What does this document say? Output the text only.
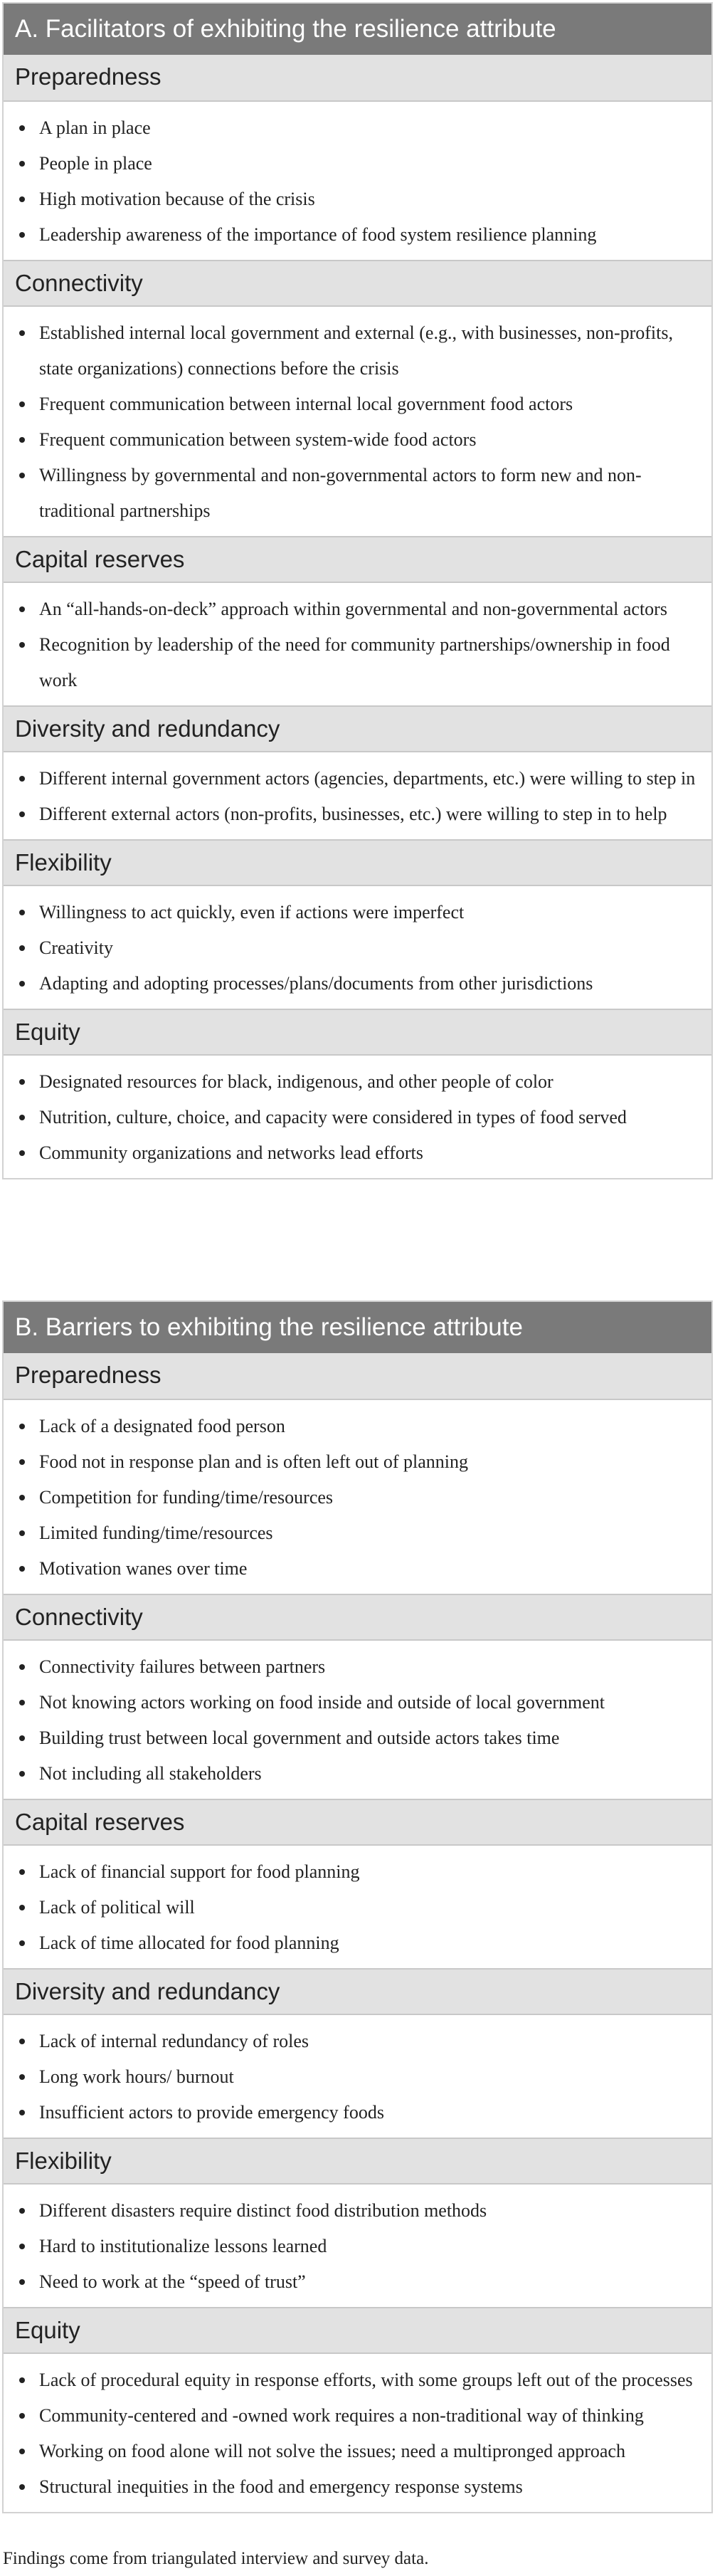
A. Facilitators of exhibiting the resilience attribute
Preparedness
A plan in place
People in place
High motivation because of the crisis
Leadership awareness of the importance of food system resilience planning
Connectivity
Established internal local government and external (e.g., with businesses, non-profits, state organizations) connections before the crisis
Frequent communication between internal local government food actors
Frequent communication between system-wide food actors
Willingness by governmental and non-governmental actors to form new and non-traditional partnerships
Capital reserves
An “all-hands-on-deck” approach within governmental and non-governmental actors
Recognition by leadership of the need for community partnerships/ownership in food work
Diversity and redundancy
Different internal government actors (agencies, departments, etc.) were willing to step in
Different external actors (non-profits, businesses, etc.) were willing to step in to help
Flexibility
Willingness to act quickly, even if actions were imperfect
Creativity
Adapting and adopting processes/plans/documents from other jurisdictions
Equity
Designated resources for black, indigenous, and other people of color
Nutrition, culture, choice, and capacity were considered in types of food served
Community organizations and networks lead efforts
B. Barriers to exhibiting the resilience attribute
Preparedness
Lack of a designated food person
Food not in response plan and is often left out of planning
Competition for funding/time/resources
Limited funding/time/resources
Motivation wanes over time
Connectivity
Connectivity failures between partners
Not knowing actors working on food inside and outside of local government
Building trust between local government and outside actors takes time
Not including all stakeholders
Capital reserves
Lack of financial support for food planning
Lack of political will
Lack of time allocated for food planning
Diversity and redundancy
Lack of internal redundancy of roles
Long work hours/ burnout
Insufficient actors to provide emergency foods
Flexibility
Different disasters require distinct food distribution methods
Hard to institutionalize lessons learned
Need to work at the “speed of trust”
Equity
Lack of procedural equity in response efforts, with some groups left out of the processes
Community-centered and -owned work requires a non-traditional way of thinking
Working on food alone will not solve the issues; need a multipronged approach
Structural inequities in the food and emergency response systems
Findings come from triangulated interview and survey data.
